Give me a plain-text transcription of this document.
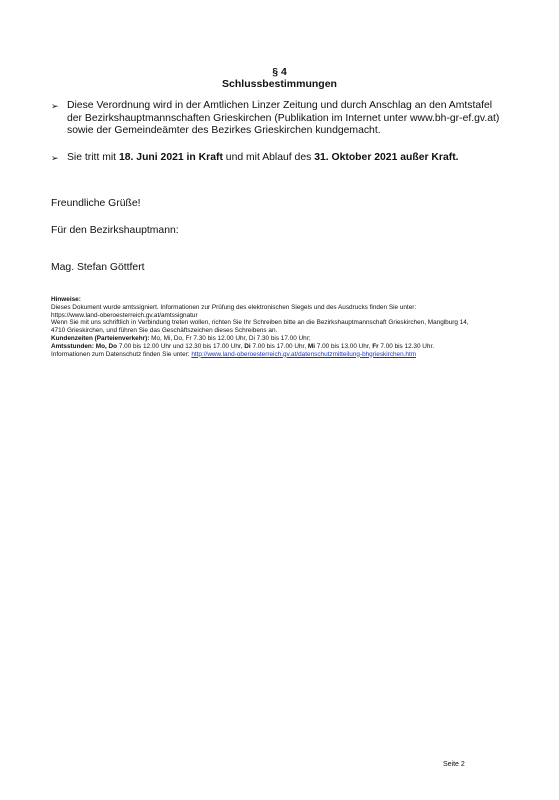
§ 4
Schlussbestimmungen
➢ Diese Verordnung wird in der Amtlichen Linzer Zeitung und durch Anschlag an den Amtstafel
der Bezirkshauptmannschaften Grieskirchen (Publikation im Internet unter www.bh-gr-ef.gv.at)
sowie der Gemeindeämter des Bezirkes Grieskirchen kundgemacht.
➢ Sie tritt mit 18. Juni 2021 in Kraft und mit Ablauf des 31. Oktober 2021 außer Kraft.
Freundliche Grüße!
Für den Bezirkshauptmann:
Mag. Stefan Göttfert
Hinweise:
Dieses Dokument wurde amtssigniert. Informationen zur Prüfung des elektronischen Siegels und des Ausdrucks finden Sie unter:
https://www.land-oberoesterreich.gv.at/amtssignatur
Wenn Sie mit uns schriftlich in Verbindung treten wollen, richten Sie Ihr Schreiben bitte an die Bezirkshauptmannschaft Grieskirchen, Manglburg 14,
4710 Grieskirchen, und führen Sie das Geschäftszeichen dieses Schreibens an.
Kundenzeiten (Parteienverkehr): Mo, Mi, Do, Fr 7.30 bis 12.00 Uhr, Di 7.30 bis 17.00 Uhr;
Amtsstunden: Mo, Do 7.00 bis 12.00 Uhr und 12.30 bis 17.00 Uhr, Di 7.00 bis 17.00 Uhr, Mi 7.00 bis 13.00 Uhr, Fr 7.00 bis 12.30 Uhr.
Informationen zum Datenschutz finden Sie unter: http://www.land-oberoesterreich.gv.at/datenschutzmitteilung-bhgrieskirchen.htm
Seite 2
